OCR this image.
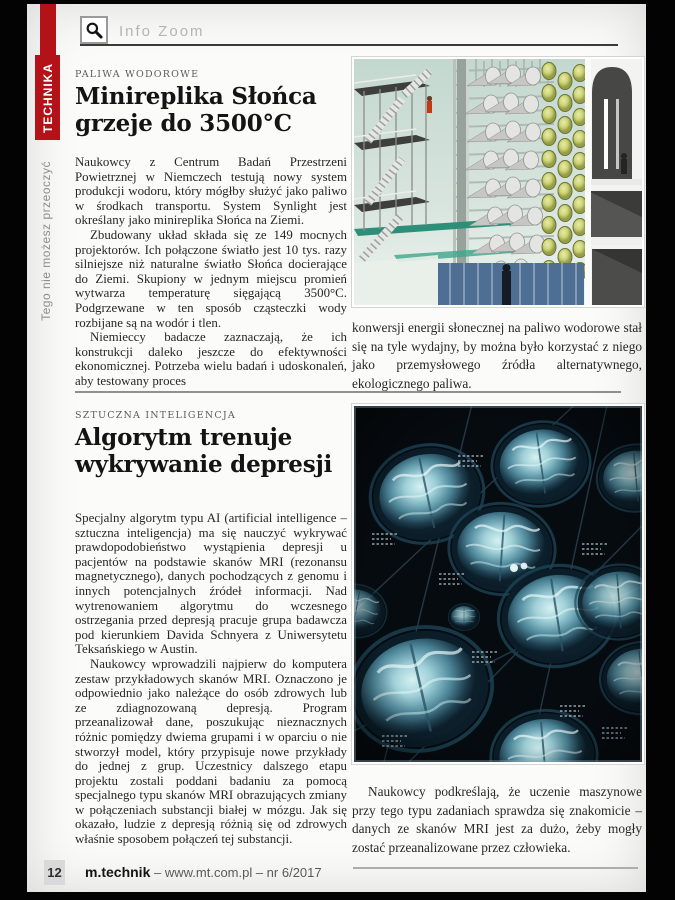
TECHNIKA
Tego nie możesz przeoczyć
Info Zoom
PALIWA WODOROWE
Minireplika Słońca
grzeje do 3500°C

Naukowcy z Centrum Badań Przestrzeni Powietrznej w Niemczech testują nowy system produkcji wodoru, który mógłby służyć jako paliwo w środkach transportu. System Synlight jest określany jako minireplika Słońca na Ziemi.

Zbudowany układ składa się ze 149 mocnych projektorów. Ich połączone światło jest 10 tys. razy silniejsze niż naturalne światło Słońca docierające do Ziemi. Skupiony w jednym miejscu promień wytwarza temperaturę sięgającą 3500°C. Podgrzewane w ten sposób cząsteczki wody rozbijane są na wodór i tlen.

Niemieccy badacze zaznaczają, że ich konstrukcji daleko jeszcze do efektywności ekonomicznej. Potrzeba wielu badań i udoskonaleń, aby testowany proces

konwersji energii słonecznej na paliwo wodorowe stał się na tyle wydajny, by można było korzystać z niego jako przemysłowego źródła alternatywnego, ekologicznego paliwa.
SZTUCZNA INTELIGENCJA
Algorytm trenuje
wykrywanie depresji

Specjalny algorytm typu AI (artificial intelligence – sztuczna inteligencja) ma się nauczyć wykrywać prawdopodobieństwo wystąpienia depresji u pacjentów na podstawie skanów MRI (rezonansu magnetycznego), danych pochodzących z genomu i innych potencjalnych źródeł informacji. Nad wytrenowaniem algorytmu do wczesnego ostrzegania przed depresją pracuje grupa badawcza pod kierunkiem Davida Schnyera z Uniwersytetu Teksańskiego w Austin.

Naukowcy wprowadzili najpierw do komputera zestaw przykładowych skanów MRI. Oznaczono je odpowiednio jako należące do osób zdrowych lub ze zdiagnozowaną depresją. Program przeanalizował dane, poszukując nieznacznych różnic pomiędzy dwiema grupami i w oparciu o nie stworzył model, który przypisuje nowe przykłady do jednej z grup. Uczestnicy dalszego etapu projektu zostali poddani badaniu za pomocą specjalnego typu skanów MRI obrazujących zmiany w połączeniach substancji białej w mózgu. Jak się okazało, ludzie z depresją różnią się od zdrowych właśnie sposobem połączeń tej substancji.

Naukowcy podkreślają, że uczenie maszynowe przy tego typu zadaniach sprawdza się znakomicie – danych ze skanów MRI jest za dużo, żeby mogły zostać przeanalizowane przez człowieka.
12 m.technik – www.mt.com.pl – nr 6/2017
